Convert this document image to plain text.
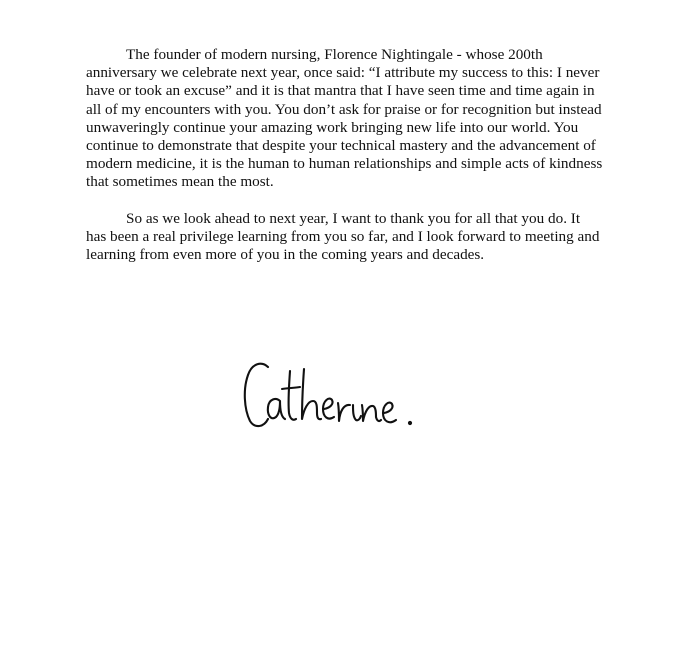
The founder of modern nursing, Florence Nightingale - whose 200th
anniversary we celebrate next year, once said: “I attribute my success to this: I never
have or took an excuse” and it is that mantra that I have seen time and time again in
all of my encounters with you. You don’t ask for praise or for recognition but instead
unwaveringly continue your amazing work bringing new life into our world. You
continue to demonstrate that despite your technical mastery and the advancement of
modern medicine, it is the human to human relationships and simple acts of kindness
that sometimes mean the most.

So as we look ahead to next year, I want to thank you for all that you do. It
has been a real privilege learning from you so far, and I look forward to meeting and
learning from even more of you in the coming years and decades.
